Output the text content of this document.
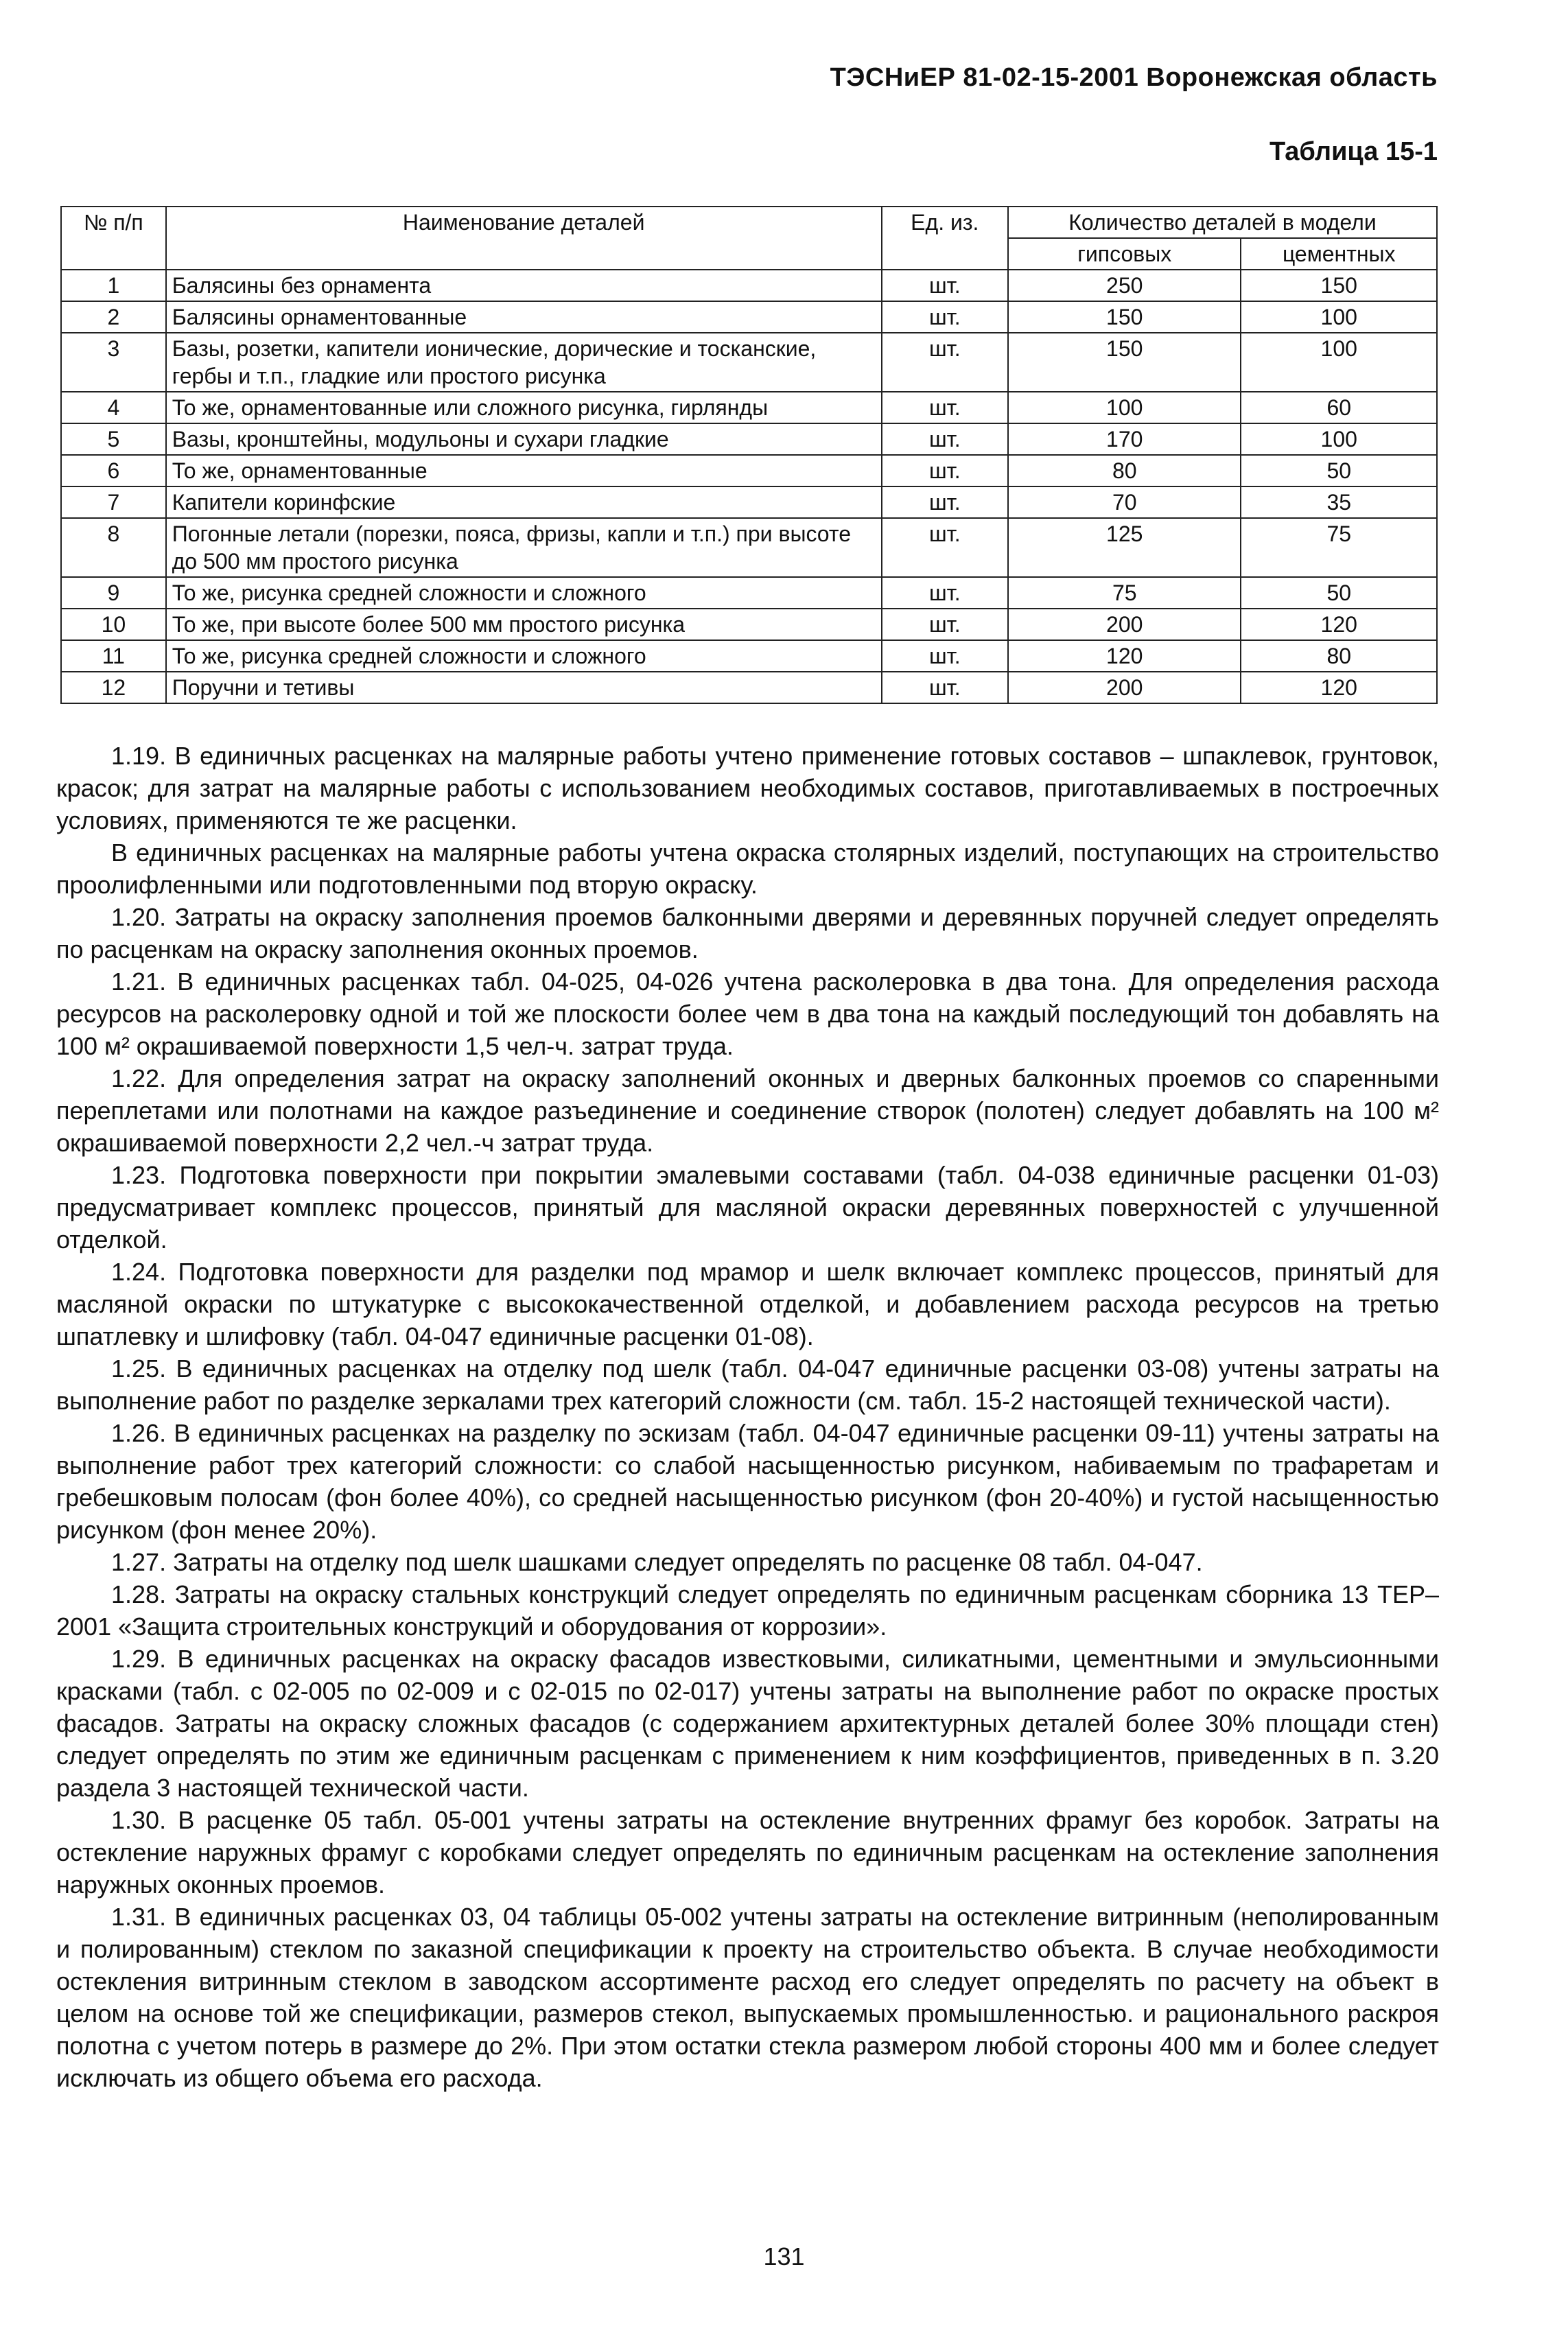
ТЭСНиЕР 81-02-15-2001 Воронежская область
Таблица 15-1
№ п/п	Наименование деталей	Ед. из.	Количество деталей в модели	
			гипсовых	цементных
1	Балясины без орнамента	шт.	250	150
2	Балясины орнаментованные	шт.	150	100
3	Базы, розетки, капители ионические, дорические и тосканские, гербы и т.п., гладкие или простого рисунка	шт.	150	100
4	То же, орнаментованные или сложного рисунка, гирлянды	шт.	100	60
5	Вазы, кронштейны, модульоны и сухари гладкие	шт.	170	100
6	То же, орнаментованные	шт.	80	50
7	Капители коринфские	шт.	70	35
8	Погонные летали (порезки, пояса, фризы, капли и т.п.) при высоте до 500 мм простого рисунка	шт.	125	75
9	То же, рисунка средней сложности и сложного	шт.	75	50
10	То же, при высоте более 500 мм простого рисунка	шт.	200	120
11	То же, рисунка средней сложности и сложного	шт.	120	80
12	Поручни и тетивы	шт.	200	120

1.19. В единичных расценках на малярные работы учтено применение готовых составов – шпаклевок, грунтовок, красок; для затрат на малярные работы с использованием необходимых составов, приготавливаемых в построечных условиях, применяются те же расценки.

В единичных расценках на малярные работы учтена окраска столярных изделий, поступающих на строительство проолифленными или подготовленными под вторую окраску.

1.20. Затраты на окраску заполнения проемов балконными дверями и деревянных поручней следует определять по расценкам на окраску заполнения оконных проемов.

1.21. В единичных расценках табл. 04-025, 04-026 учтена расколеровка в два тона. Для определения расхода ресурсов на расколеровку одной и той же плоскости более чем в два тона на каждый последующий тон добавлять на 100 м² окрашиваемой поверхности 1,5 чел-ч. затрат труда.

1.22. Для определения затрат на окраску заполнений оконных и дверных балконных проемов со спаренными переплетами или полотнами на каждое разъединение и соединение створок (полотен) следует добавлять на 100 м² окрашиваемой поверхности 2,2 чел.-ч затрат труда.

1.23. Подготовка поверхности при покрытии эмалевыми составами (табл. 04-038 единичные расценки 01-03) предусматривает комплекс процессов, принятый для масляной окраски деревянных поверхностей с улучшенной отделкой.

1.24. Подготовка поверхности для разделки под мрамор и шелк включает комплекс процессов, принятый для масляной окраски по штукатурке с высококачественной отделкой, и добавлением расхода ресурсов на третью шпатлевку и шлифовку (табл. 04-047 единичные расценки 01-08).

1.25. В единичных расценках на отделку под шелк (табл. 04-047 единичные расценки 03-08) учтены затраты на выполнение работ по разделке зеркалами трех категорий сложности (см. табл. 15-2 настоящей технической части).

1.26. В единичных расценках на разделку по эскизам (табл. 04-047 единичные расценки 09-11) учтены затраты на выполнение работ трех категорий сложности: со слабой насыщенностью рисунком, набиваемым по трафаретам и гребешковым полосам (фон более 40%), со средней насыщенностью рисунком (фон 20-40%) и густой насыщенностью рисунком (фон менее 20%).

1.27. Затраты на отделку под шелк шашками следует определять по расценке 08 табл. 04-047.

1.28. Затраты на окраску стальных конструкций следует определять по единичным расценкам сборника 13 ТЕР–2001 «Защита строительных конструкций и оборудования от коррозии».

1.29. В единичных расценках на окраску фасадов известковыми, силикатными, цементными и эмульсионными красками (табл. с 02-005 по 02-009 и с 02-015 по 02-017) учтены затраты на выполнение работ по окраске простых фасадов. Затраты на окраску сложных фасадов (с содержанием архитектурных деталей более 30% площади стен) следует определять по этим же единичным расценкам с применением к ним коэффициентов, приведенных в п. 3.20 раздела 3 настоящей технической части.

1.30. В расценке 05 табл. 05-001 учтены затраты на остекление внутренних фрамуг без коробок. Затраты на остекление наружных фрамуг с коробками следует определять по единичным расценкам на остекление заполнения наружных оконных проемов.

1.31. В единичных расценках 03, 04 таблицы 05-002 учтены затраты на остекление витринным (неполированным и полированным) стеклом по заказной спецификации к проекту на строительство объекта. В случае необходимости остекления витринным стеклом в заводском ассортименте расход его следует определять по расчету на объект в целом на основе той же спецификации, размеров стекол, выпускаемых промышленностью. и рационального раскроя полотна с учетом потерь в размере до 2%. При этом остатки стекла размером любой стороны 400 мм и более следует исключать из общего объема его расхода.

131
